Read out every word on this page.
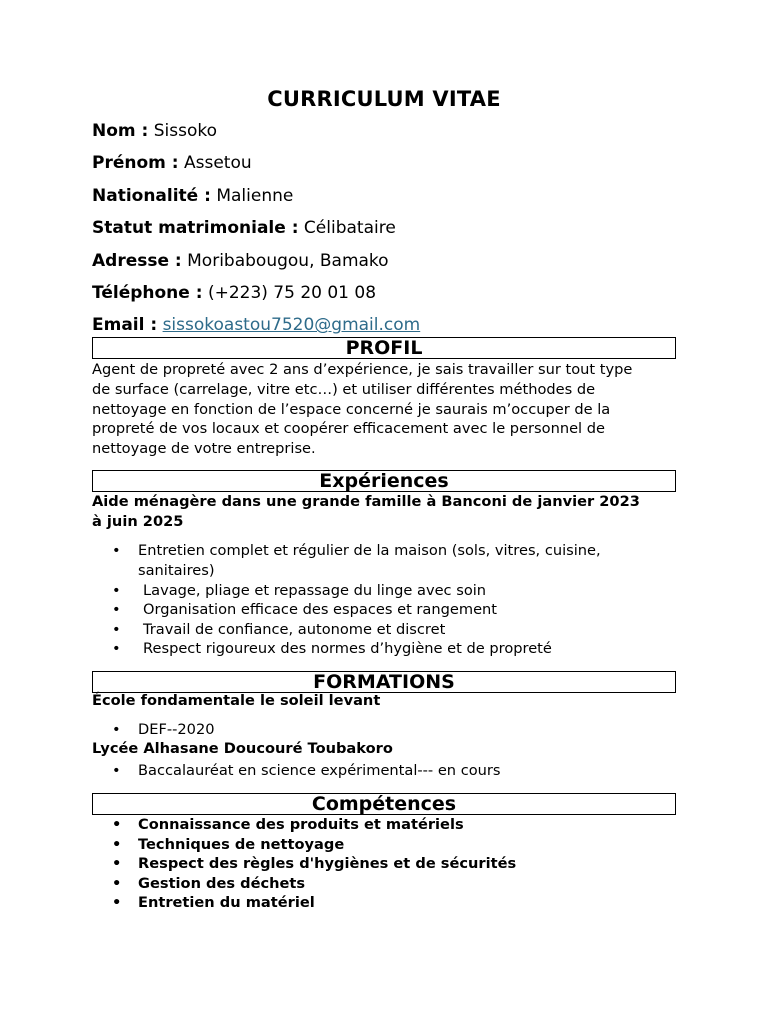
CURRICULUM VITAE
Nom : Sissoko
Prénom : Assetou
Nationalité : Malienne
Statut matrimoniale : Célibataire
Adresse : Moribabougou, Bamako
Téléphone : (+223) 75 20 01 08
Email : sissokoastou7520@gmail.com
PROFIL
Agent de propreté avec 2 ans d’expérience, je sais travailler sur tout type
de surface (carrelage, vitre etc…) et utiliser différentes méthodes de
nettoyage en fonction de l’espace concerné je saurais m’occuper de la
propreté de vos locaux et coopérer efficacement avec le personnel de
nettoyage de votre entreprise.
Expériences
Aide ménagère dans une grande famille à Banconi de janvier 2023
à juin 2025
• Entretien complet et régulier de la maison (sols, vitres, cuisine,
sanitaires)
• Lavage, pliage et repassage du linge avec soin
• Organisation efficace des espaces et rangement
• Travail de confiance, autonome et discret
• Respect rigoureux des normes d’hygiène et de propreté
FORMATIONS
École fondamentale le soleil levant
• DEF--2020
Lycée Alhasane Doucouré Toubakoro
• Baccalauréat en science expérimental--- en cours
Compétences
• Connaissance des produits et matériels
• Techniques de nettoyage
• Respect des règles d'hygiènes et de sécurités
• Gestion des déchets
• Entretien du matériel
